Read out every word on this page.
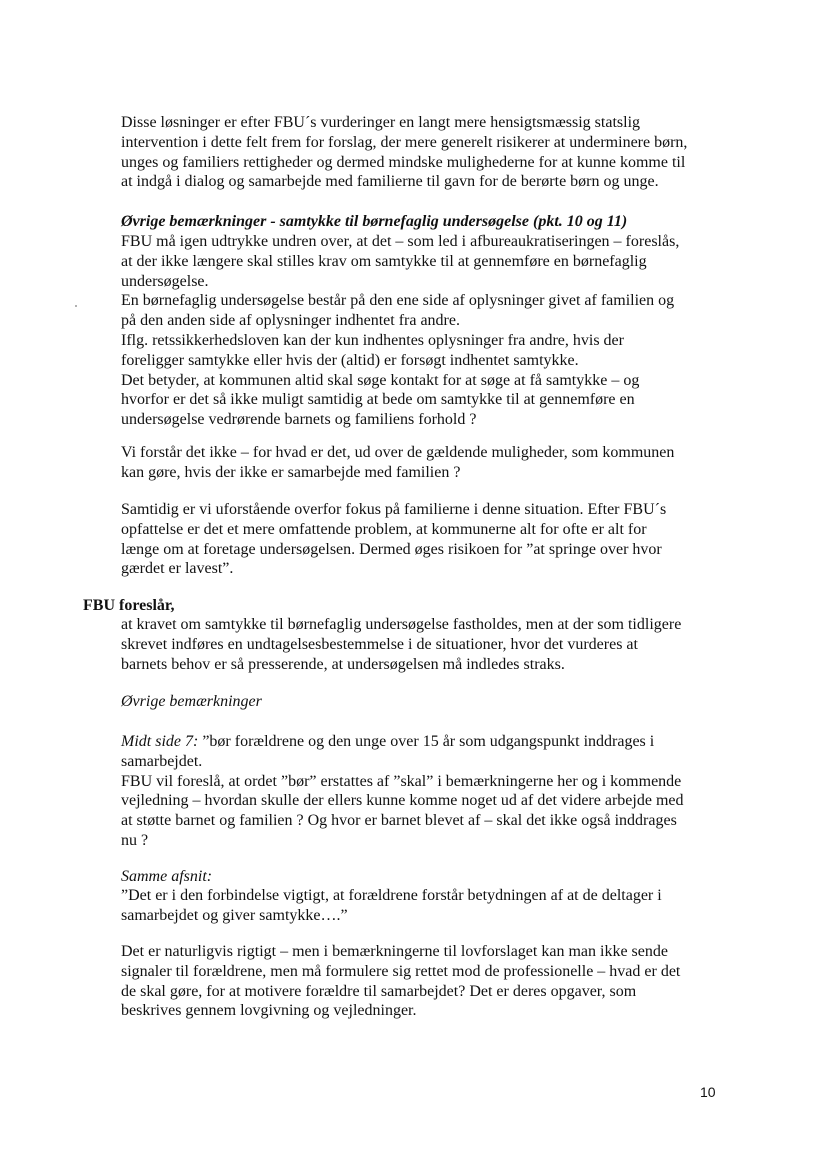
Disse løsninger er efter FBU´s vurderinger en langt mere hensigtsmæssig statslig

intervention i dette felt frem for forslag, der mere generelt risikerer at underminere børn,

unges og familiers rettigheder og dermed mindske mulighederne for at kunne komme til

at indgå i dialog og samarbejde med familierne til gavn for de berørte børn og unge.

Øvrige bemærkninger - samtykke til børnefaglig undersøgelse (pkt. 10 og 11)

FBU må igen udtrykke undren over, at det – som led i afbureaukratiseringen – foreslås,

at der ikke længere skal stilles krav om samtykke til at gennemføre en børnefaglig

undersøgelse.

En børnefaglig undersøgelse består på den ene side af oplysninger givet af familien og

på den anden side af oplysninger indhentet fra andre.

Iflg. retssikkerhedsloven kan der kun indhentes oplysninger fra andre, hvis der

foreligger samtykke eller hvis der (altid) er forsøgt indhentet samtykke.

Det betyder, at kommunen altid skal søge kontakt for at søge at få samtykke – og

hvorfor er det så ikke muligt samtidig at bede om samtykke til at gennemføre en

undersøgelse vedrørende barnets og familiens forhold ?

Vi forstår det ikke – for hvad er det, ud over de gældende muligheder, som kommunen

kan gøre, hvis der ikke er samarbejde med familien ?

Samtidig er vi uforstående overfor fokus på familierne i denne situation. Efter FBU´s

opfattelse er det et mere omfattende problem, at kommunerne alt for ofte er alt for

længe om at foretage undersøgelsen. Dermed øges risikoen for ”at springe over hvor

gærdet er lavest”.

FBU foreslår,

at kravet om samtykke til børnefaglig undersøgelse fastholdes, men at der som tidligere

skrevet indføres en undtagelsesbestemmelse i de situationer, hvor det vurderes at

barnets behov er så presserende, at undersøgelsen må indledes straks.

Øvrige bemærkninger

Midt side 7: ”bør forældrene og den unge over 15 år som udgangspunkt inddrages i

samarbejdet.

FBU vil foreslå, at ordet ”bør” erstattes af ”skal” i bemærkningerne her og i kommende

vejledning – hvordan skulle der ellers kunne komme noget ud af det videre arbejde med

at støtte barnet og familien ? Og hvor er barnet blevet af – skal det ikke også inddrages

nu ?

Samme afsnit:

”Det er i den forbindelse vigtigt, at forældrene forstår betydningen af at de deltager i

samarbejdet og giver samtykke….”

Det er naturligvis rigtigt – men i bemærkningerne til lovforslaget kan man ikke sende

signaler til forældrene, men må formulere sig rettet mod de professionelle – hvad er det

de skal gøre, for at motivere forældre til samarbejdet? Det er deres opgaver, som

beskrives gennem lovgivning og vejledninger.

10
